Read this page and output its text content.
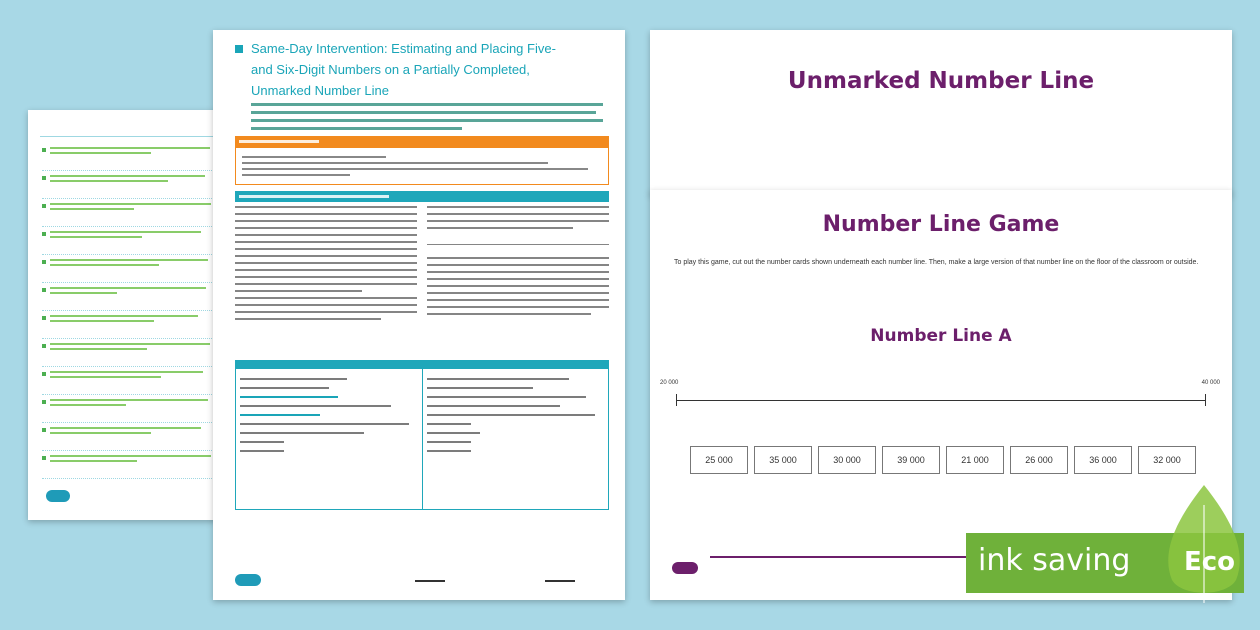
Same-Day Intervention: Estimating and Placing Five-
and Six-Digit Numbers on a Partially Completed,
Unmarked Number Line	Unmarked Number Line
Number Line Game
To play this game, cut out the number cards shown underneath each number line. Then, make a large version of that number line on the floor of the classroom or outside.
Number Line A
20 000	40 000
25 000	35 000	30 000	39 000	21 000	26 000	36 000	32 000
ink saving Eco
